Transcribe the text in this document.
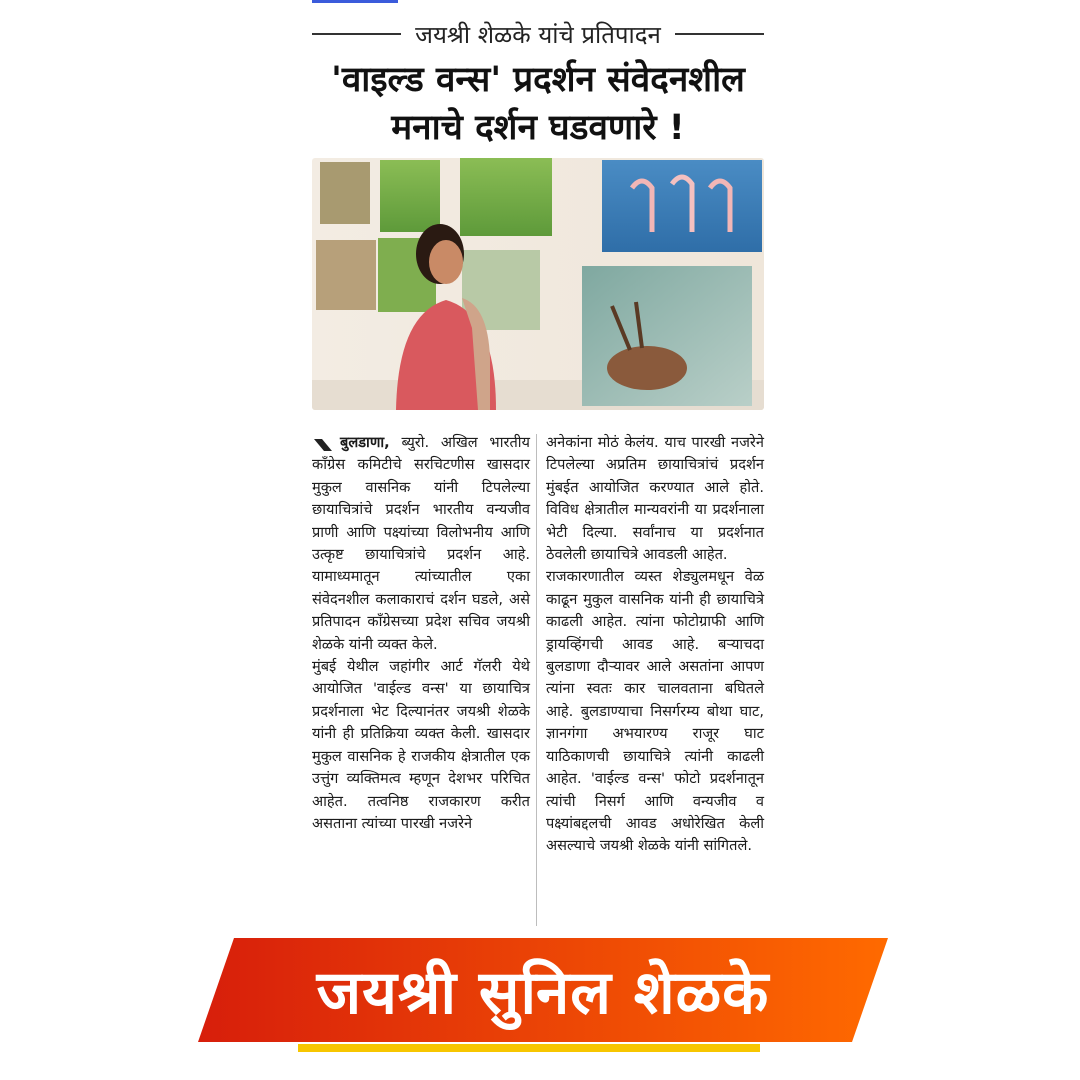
जयश्री शेळके यांचे प्रतिपादन
'वाइल्ड वन्स' प्रदर्शन संवेदनशील
मनाचे दर्शन घडवणारे !

बुलडाणा, ब्युरो. अखिल भारतीय काँग्रेस कमिटीचे सरचिटणीस खासदार मुकुल वासनिक यांनी टिपलेल्या छायाचित्रांचे प्रदर्शन भारतीय वन्यजीव प्राणी आणि पक्ष्यांच्या विलोभनीय आणि उत्कृष्ट छायाचित्रांचे प्रदर्शन आहे. यामाध्यमातून त्यांच्यातील एका संवेदनशील कलाकाराचं दर्शन घडले, असे प्रतिपादन काँग्रेसच्या प्रदेश सचिव जयश्री शेळके यांनी व्यक्त केले.

मुंबई येथील जहांगीर आर्ट गॅलरी येथे आयोजित 'वाईल्ड वन्स' या छायाचित्र प्रदर्शनाला भेट दिल्यानंतर जयश्री शेळके यांनी ही प्रतिक्रिया व्यक्त केली. खासदार मुकुल वासनिक हे राजकीय क्षेत्रातील एक उत्तुंग व्यक्तिमत्व म्हणून देशभर परिचित आहेत. तत्वनिष्ठ राजकारण करीत असताना त्यांच्या पारखी नजरेने

अनेकांना मोठं केलंय. याच पारखी नजरेने टिपलेल्या अप्रतिम छायाचित्रांचं प्रदर्शन मुंबईत आयोजित करण्यात आले होते. विविध क्षेत्रातील मान्यवरांनी या प्रदर्शनाला भेटी दिल्या. सर्वांनाच या प्रदर्शनात ठेवलेली छायाचित्रे आवडली आहेत.

राजकारणातील व्यस्त शेड्युलमधून वेळ काढून मुकुल वासनिक यांनी ही छायाचित्रे काढली आहेत. त्यांना फोटोग्राफी आणि ड्रायव्हिंगची आवड आहे. बऱ्याचदा बुलडाणा दौऱ्यावर आले असतांना आपण त्यांना स्वतः कार चालवताना बघितले आहे. बुलडाण्याचा निसर्गरम्य बोथा घाट, ज्ञानगंगा अभयारण्य राजूर घाट याठिकाणची छायाचित्रे त्यांनी काढली आहेत. 'वाईल्ड वन्स' फोटो प्रदर्शनातून त्यांची निसर्ग आणि वन्यजीव व पक्ष्यांबद्दलची आवड अधोरेखित केली असल्याचे जयश्री शेळके यांनी सांगितले.

जयश्री सुनिल शेळके
